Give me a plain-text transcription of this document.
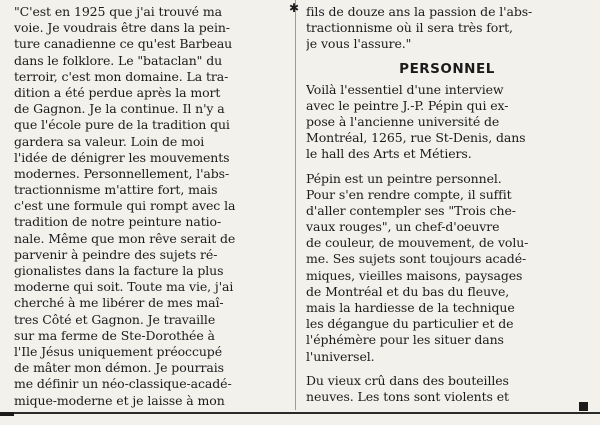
✱
"C'est en 1925 que j'ai trouvé ma
voie. Je voudrais être dans la pein-
ture canadienne ce qu'est Barbeau
dans le folklore. Le "bataclan" du
terroir, c'est mon domaine. La tra-
dition a été perdue après la mort
de Gagnon. Je la continue. Il n'y a
que l'école pure de la tradition qui
gardera sa valeur. Loin de moi
l'idée de dénigrer les mouvements
modernes. Personnellement, l'abs-
tractionnisme m'attire fort, mais
c'est une formule qui rompt avec la
tradition de notre peinture natio-
nale. Même que mon rêve serait de
parvenir à peindre des sujets ré-
gionalistes dans la facture la plus
moderne qui soit. Toute ma vie, j'ai
cherché à me libérer de mes maî-
tres Côté et Gagnon. Je travaille
sur ma ferme de Ste-Dorothée à
l'Ile Jésus uniquement préoccupé
de mâter mon démon. Je pourrais
me définir un néo-classique-acadé-
mique-moderne et je laisse à mon
fils de douze ans la passion de l'abs-
tractionnisme où il sera très fort,
je vous l'assure."
PERSONNEL
Voilà l'essentiel d'une interview
avec le peintre J.-P. Pépin qui ex-
pose à l'ancienne université de
Montréal, 1265, rue St-Denis, dans
le hall des Arts et Métiers.
Pépin est un peintre personnel.
Pour s'en rendre compte, il suffit
d'aller contempler ses "Trois che-
vaux rouges", un chef-d'oeuvre
de couleur, de mouvement, de volu-
me. Ses sujets sont toujours acadé-
miques, vieilles maisons, paysages
de Montréal et du bas du fleuve,
mais la hardiesse de la technique
les dégangue du particulier et de
l'éphémère pour les situer dans
l'universel.
Du vieux crû dans des bouteilles
neuves. Les tons sont violents et
